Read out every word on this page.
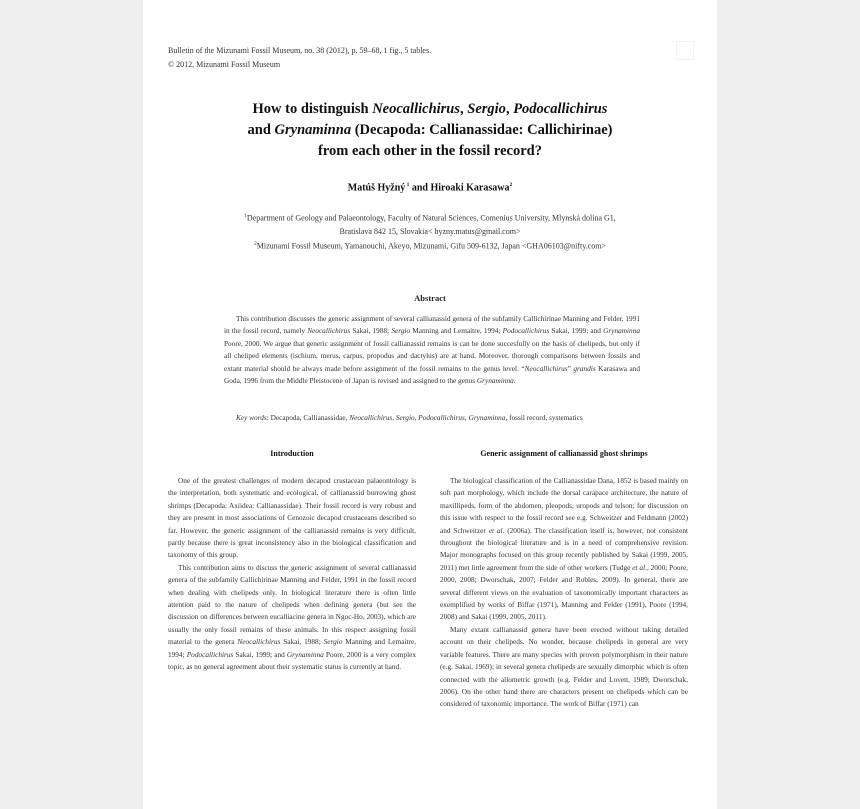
Bulletin of the Mizunami Fossil Museum, no. 38 (2012), p. 59–68, 1 fig., 5 tables.

© 2012, Mizunami Fossil Museum

How to distinguish Neocallichirus, Sergio, Podocallichirus
and Grynaminna (Decapoda: Callianassidae: Callichirinae)
from each other in the fossil record?
Matúš Hyžný $^1$ and Hiroaki Karasawa$^2$
$^1$Department of Geology and Palaeontology, Faculty of Natural Sciences, Comenius University, Mlynská dolina G1,
Bratislava 842 15, Slovakia< hyzny.matus@gmail.com>
$^2$Mizunami Fossil Museum, Yamanouchi, Akeyo, Mizunami, Gifu 509-6132, Japan <GHA06103@nifty.com>
Abstract
This contribution discusses the generic assignment of several callianassid genera of the subfamily Callichirinae Manning and Felder, 1991 in the fossil record, namely Neocallichirus Sakai, 1988; Sergio Manning and Lemaitre, 1994; Podocallichirus Sakai, 1999; and Grynaminna Poore, 2000. We argue that generic assignment of fossil callianassid remains is can be done succesfully on the basis of chelipeds, but only if all cheliped elements (ischium, merus, carpus, propodus and dactylus) are at hand. Moreover, thorough comparisons between fossils and extant material should be always made before assignment of the fossil remains to the genus level. “Neocallichirus” grandis Karasawa and Goda, 1996 from the Middle Pleistocene of Japan is revised and assigned to the genus Grynaminna.
Key words: Decapoda, Callianassidae, Neocallichirus, Sergio, Podocallichirus, Grynaminna, fossil record, systematics
Introduction	Generic assignment of callianassid ghost shrimps

One of the greatest challenges of modern decapod crustacean palaeontology is the interpretation, both systematic and ecological, of callianassid burrowing ghost shrimps (Decapoda: Axiidea: Callianassidae). Their fossil record is very robust and they are present in most associations of Cenozoic decapod crustaceans described so far. However, the generic assignment of the callianassid remains is very difficult, partly because there is great inconsistency also in the biological classification and taxonomy of this group.

This contribution aims to discuss the generic assignment of several callianassid genera of the subfamily Callichirinae Manning and Felder, 1991 in the fossil record when dealing with chelipeds only. In biological literature there is often little attention paid to the nature of chelipeds when defining genera (but see the discussion on differences between eucalliacine genera in Ngoc-Ho, 2003), which are usually the only fossil remains of these animals. In this respect assigning fossil material to the genera Neocallichirus Sakai, 1988; Sergio Manning and Lemaitre, 1994; Podocallichirus Sakai, 1999; and Grynaminna Poore, 2000 is a very complex topic, as no general agreement about their systematic status is currently at hand.

The biological classification of the Callianassidae Dana, 1852 is based mainly on soft part morphology, which include the dorsal carapace architecture, the nature of maxillipeds, form of the abdomen, pleopods, uropods and telson; for discussion on this issue with respect to the fossil record see e.g. Schweitzer and Feldmann (2002) and Schweitzer et al. (2006a). The classification itself is, however, not consistent throughout the biological literature and is in a need of comprehensive revision. Major monographs focused on this group recently published by Sakai (1999, 2005, 2011) met little agreement from the side of other workers (Tudge et al., 2000; Poore, 2000, 2008; Dworschak, 2007; Felder and Robles, 2009). In general, there are several different views on the evaluation of taxonomically important characters as exemplified by works of Biffar (1971), Manning and Felder (1991), Poore (1994, 2008) and Sakai (1999, 2005, 2011).

Many extant callianassid genera have been erected without taking detailed account on their chelipeds. No wonder, because chelipeds in general are very variable features. There are many species with proven polymorphism in their nature (e.g. Sakai, 1969); in several genera chelipeds are sexually dimorphic which is often connected with the allometric growth (e.g. Felder and Lovett, 1989; Dworschak, 2006). On the other hand there are characters present on chelipeds which can be considered of taxonomic importance. The work of Biffar (1971) can
